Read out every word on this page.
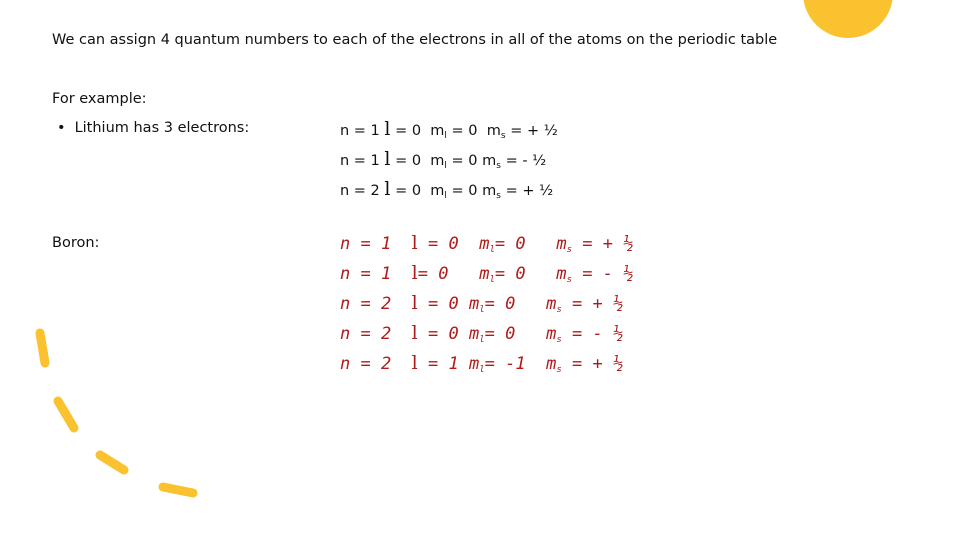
We can assign 4 quantum numbers to each of the electrons in all of the atoms on the periodic table
For example:
• Lithium has 3 electrons:	n = 1 l = 0 $m_l = 0$ $m_s$ = + ½
n = 1 l = 0 $m_l = 0$ $m_s$ = - ½
n = 2 l = 0 $m_l = 0$ $m_s$ = + ½
Boron:	n = 1 l = 0 $m_l= 0$ $m_s$ = + ½
n = 1 l= 0 $m_l= 0$ $m_s$ = - ½
n = 2 l = 0 $m_l= 0$ $m_s$ = + ½
n = 2 l = 0 $m_l= 0$ $m_s$ = - ½
n = 2 l = 1 $m_l= -1$ $m_s$ = + ½
